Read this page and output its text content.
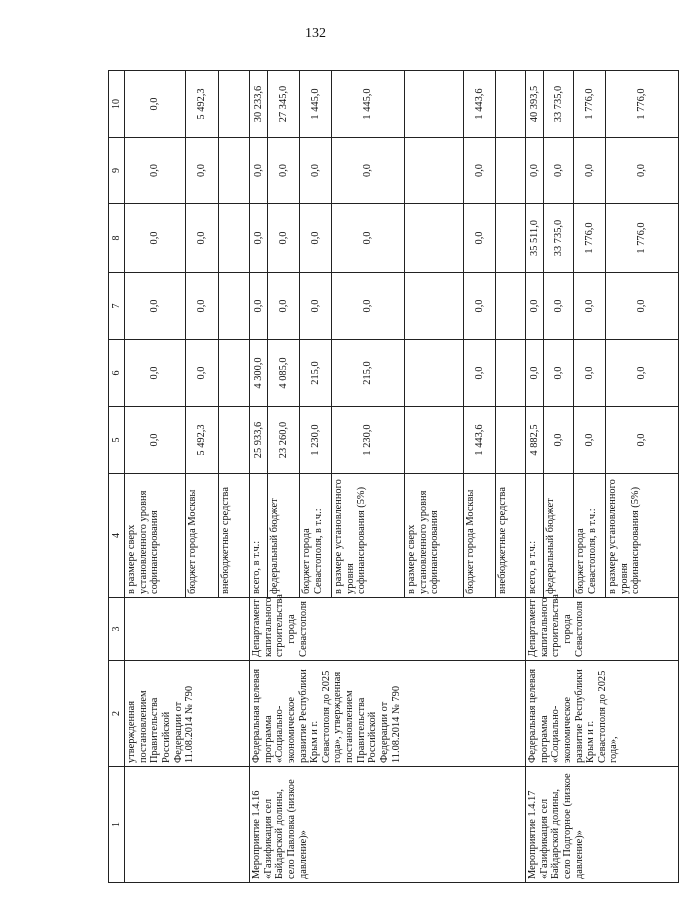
132
1	2	3	4	5	6	7	8	9	10
	утвержденная постановлением Правительства Российской Федерации от 11.08.2014 № 790		в размере сверх установленного уровня софинансирования	0,0	0,0	0,0	0,0	0,0	0,0
			бюджет города Москвы	5 492,3	0,0	0,0	0,0	0,0	5 492,3
			внебюджетные средства						
Мероприятие 1.4.16 «Газификация сел Байдарской долины, село Павловка (низкое давление)»	Федеральная целевая программа «Социально-экономическое развитие Республики Крым и г. Севастополя до 2025 года», утвержденная постановлением Правительства Российской Федерации от 11.08.2014 № 790	Департамент капитального строительства города Севастополя	всего, в т.ч.:	25 933,6	4 300,0	0,0	0,0	0,0	30 233,6
			федеральный бюджет	23 260,0	4 085,0	0,0	0,0	0,0	27 345,0
			бюджет города Севастополя, в т.ч.:	1 230,0	215,0	0,0	0,0	0,0	1 445,0
			в размере установленного уровня софинансирования (5%)	1 230,0	215,0	0,0	0,0	0,0	1 445,0
			в размере сверх установленного уровня софинансирования						
			бюджет города Москвы	1 443,6	0,0	0,0	0,0	0,0	1 443,6
			внебюджетные средства						
Мероприятие 1.4.17 «Газификация сел Байдарской долины, село Подгорное (низкое давление)»	Федеральная целевая программа «Социально-экономическое развитие Республики Крым и г. Севастополя до 2025 года»,	Департамент капитального строительства города Севастополя	всего, в т.ч.:	4 882,5	0,0	0,0	35 511,0	0,0	40 393,5
			федеральный бюджет	0,0	0,0	0,0	33 735,0	0,0	33 735,0
			бюджет города Севастополя, в т.ч.:	0,0	0,0	0,0	1 776,0	0,0	1 776,0
			в размере установленного уровня софинансирования (5%)	0,0	0,0	0,0	1 776,0	0,0	1 776,0
